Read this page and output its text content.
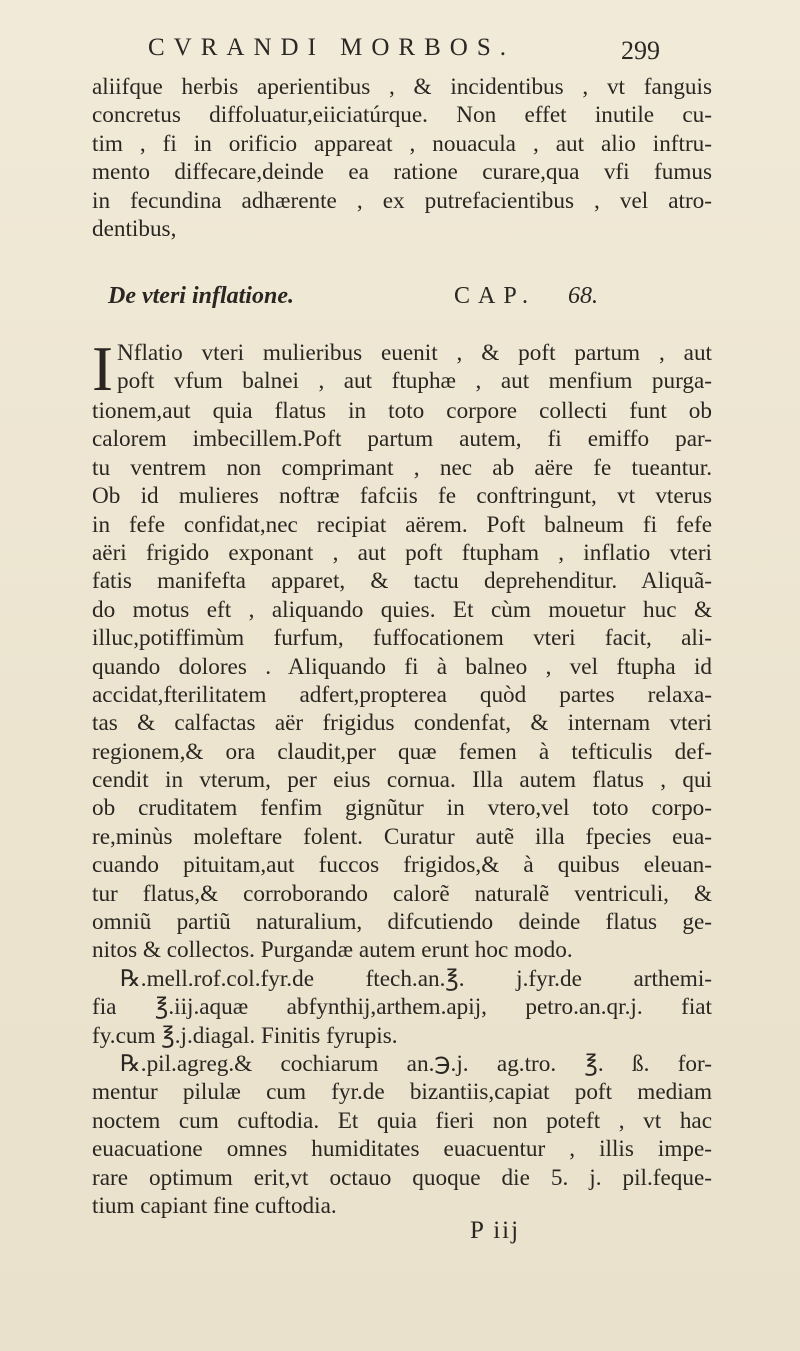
CVRANDI MORBOS.	299
aliifque herbis aperientibus , & incidentibus , vt fanguis
concretus diffoluatur,eiiciatúrque. Non effet inutile cu-
tim , fi in orificio appareat , nouacula , aut alio inftru-
mento diffecare,deinde ea ratione curare,qua vfi fumus
in fecundina adhærente , ex putrefacientibus , vel atro-
dentibus,
De vteri inflatione.	CAP. 68.
I Nflatio vteri mulieribus euenit , & poft partum , aut
poft vfum balnei , aut ftuphæ , aut menfium purga-
tionem,aut quia flatus in toto corpore collecti funt ob
calorem imbecillem.Poft partum autem, fi emiffo par-
tu ventrem non comprimant , nec ab aëre fe tueantur.
Ob id mulieres noftræ fafciis fe conftringunt, vt vterus
in fefe confidat,nec recipiat aërem. Poft balneum fi fefe
aëri frigido exponant , aut poft ftupham , inflatio vteri
fatis manifefta apparet, & tactu deprehenditur. Aliquã-
do motus eft , aliquando quies. Et cùm mouetur huc &
illuc,potiffimùm furfum, fuffocationem vteri facit, ali-
quando dolores . Aliquando fi à balneo , vel ftupha id
accidat,fterilitatem adfert,propterea quòd partes relaxa-
tas & calfactas aër frigidus condenfat, & internam vteri
regionem,& ora claudit,per quæ femen à tefticulis def-
cendit in vterum, per eius cornua. Illa autem flatus , qui
ob cruditatem fenfim gignũtur in vtero,vel toto corpo-
re,minùs moleftare folent. Curatur autẽ illa fpecies eua-
cuando pituitam,aut fuccos frigidos,& à quibus eleuan-
tur flatus,& corroborando calorẽ naturalẽ ventriculi, &
omniũ partiũ naturalium, difcutiendo deinde flatus ge-
nitos & collectos. Purgandæ autem erunt hoc modo.
℞.mell.rof.col.fyr.de ftech.an.℥. j.fyr.de arthemi-
fia ℥.iij.aquæ abfynthij,arthem.apij, petro.an.qr.j. fiat
fy.cum ℥.j.diagal. Finitis fyrupis.
℞.pil.agreg.& cochiarum an.℈.j. ag.tro. ℥. ß. for-
mentur pilulæ cum fyr.de bizantiis,capiat poft mediam
noctem cum cuftodia. Et quia fieri non poteft , vt hac
euacuatione omnes humiditates euacuentur , illis impe-
rare optimum erit,vt octauo quoque die 5. j. pil.feque-
tium capiant fine cuftodia.
P iij
